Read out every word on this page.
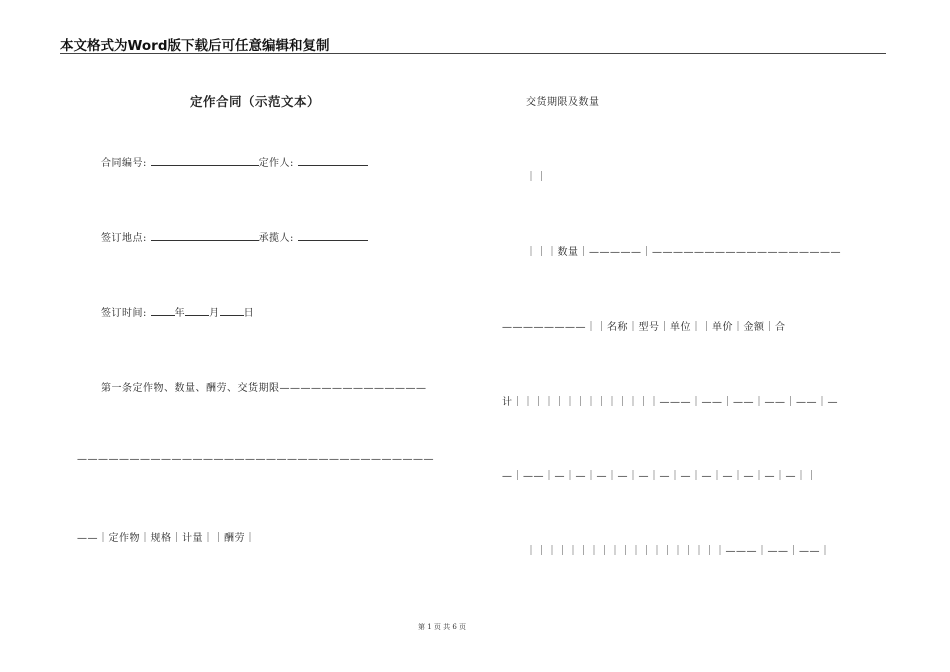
本文格式为Word版下载后可任意编辑和复制
定作合同（示范文本）
合同编号:	定作人:
签订地点:	承揽人:
签订时间:	年 月 日
第一条定作物、数量、酬劳、交货期限——————————————
——————————————————————————————————
——｜定作物｜规格｜计量｜｜酬劳｜
交货期限及数量
｜｜
｜｜｜数量｜—————｜——————————————————
————————｜｜名称｜型号｜单位｜｜单价｜金额｜合
计｜｜｜｜｜｜｜｜｜｜｜｜｜｜———｜——｜——｜——｜——｜—
—｜——｜—｜—｜—｜—｜—｜—｜—｜—｜—｜—｜—｜—｜｜
｜｜｜｜｜｜｜｜｜｜｜｜｜｜｜｜｜｜｜———｜——｜——｜
第 1 页 共 6 页
